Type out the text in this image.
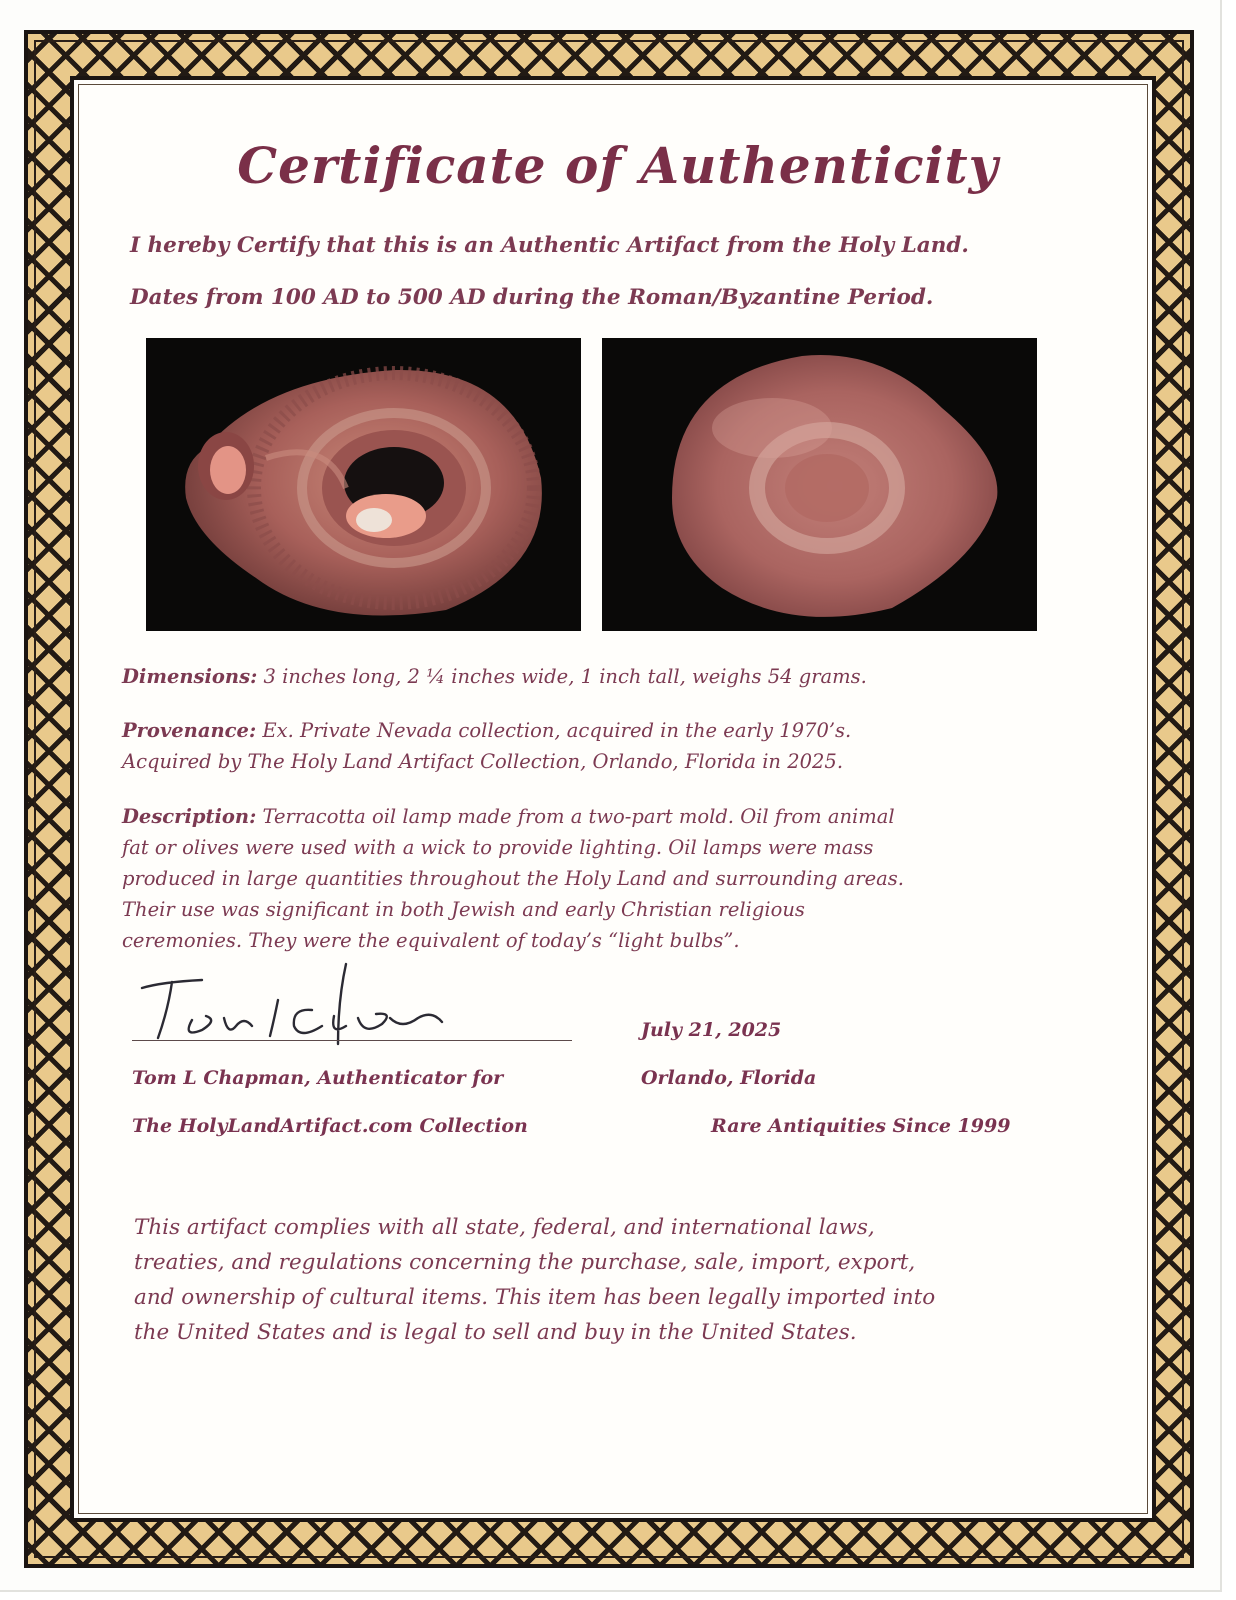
Certificate of Authenticity
I hereby Certify that this is an Authentic Artifact from the Holy Land.
Dates from 100 AD to 500 AD during the Roman/Byzantine Period.
Dimensions: 3 inches long, 2 ¼ inches wide, 1 inch tall, weighs 54 grams.
Provenance: Ex. Private Nevada collection, acquired in the early 1970’s.
Acquired by The Holy Land Artifact Collection, Orlando, Florida in 2025.
Description: Terracotta oil lamp made from a two-part mold. Oil from animal
fat or olives were used with a wick to provide lighting. Oil lamps were mass
produced in large quantities throughout the Holy Land and surrounding areas.
Their use was significant in both Jewish and early Christian religious
ceremonies. They were the equivalent of today’s “light bulbs”.
July 21, 2025
Tom L Chapman, Authenticator for	Orlando, Florida
The HolyLandArtifact.com Collection	Rare Antiquities Since 1999
This artifact complies with all state, federal, and international laws,
treaties, and regulations concerning the purchase, sale, import, export,
and ownership of cultural items. This item has been legally imported into
the United States and is legal to sell and buy in the United States.
